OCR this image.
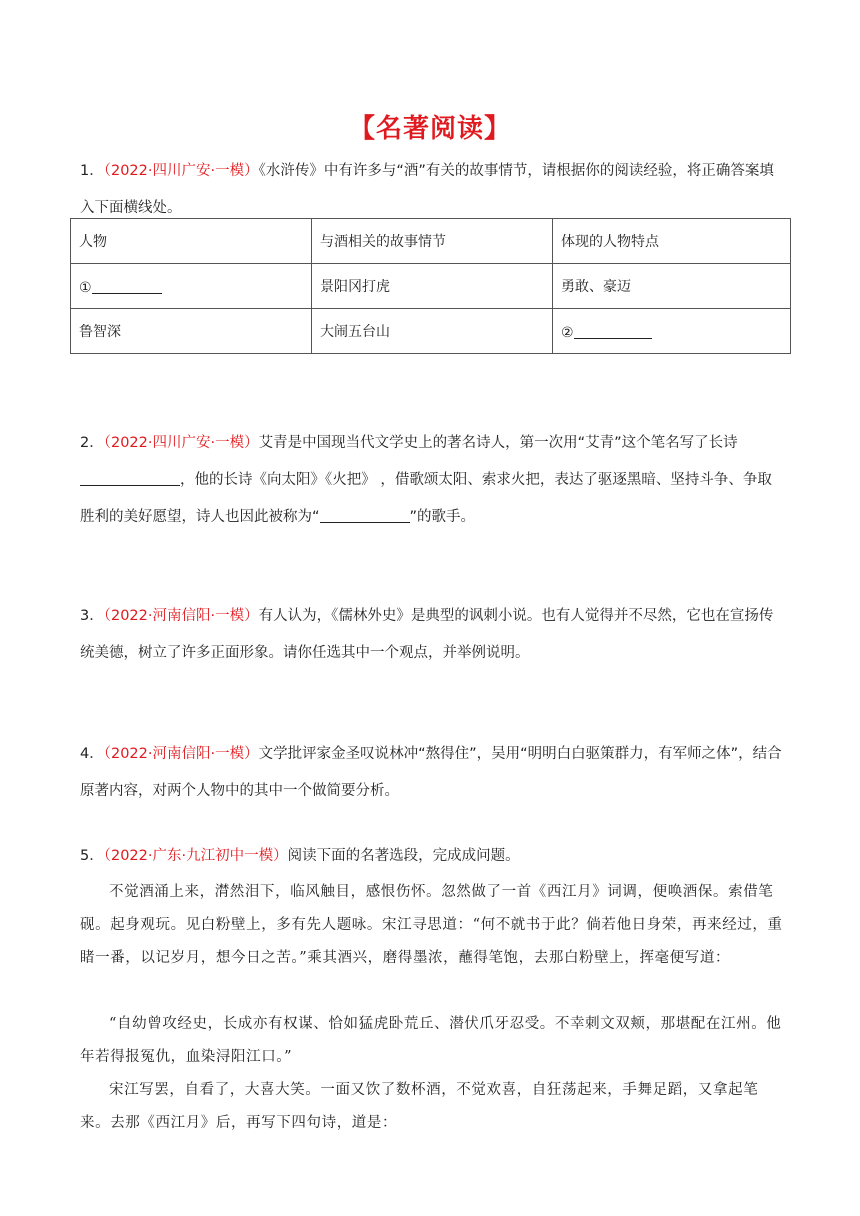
【名著阅读】
1．（2022·四川广安·一模）《水浒传》中有许多与“酒”有关的故事情节，请根据你的阅读经验，将正确答案填入下面横线处。
人物	与酒相关的故事情节	体现的人物特点
①	景阳冈打虎	勇敢、豪迈
鲁智深	大闹五台山	②
2．（2022·四川广安·一模）艾青是中国现当代文学史上的著名诗人，第一次用“艾青”这个笔名写了长诗
，他的长诗《向太阳》《火把》 ，借歌颂太阳、索求火把，表达了驱逐黑暗、坚持斗争、争取胜利的美好愿望，诗人也因此被称为“	”的歌手。
3．（2022·河南信阳·一模）有人认为，《儒林外史》是典型的讽刺小说。也有人觉得并不尽然，它也在宣扬传统美德，树立了许多正面形象。请你任选其中一个观点，并举例说明。
4．（2022·河南信阳·一模）文学批评家金圣叹说林冲“熬得住”，吴用“明明白白驱策群力，有军师之体”，结合原著内容，对两个人物中的其中一个做简要分析。
5．（2022·广东·九江初中一模）阅读下面的名著选段，完成成问题。
不觉酒涌上来，潸然泪下，临风触目，感恨伤怀。忽然做了一首《西江月》词调，便唤酒保。索借笔砚。起身观玩。见白粉壁上，多有先人题咏。宋江寻思道：“何不就书于此？倘若他日身荣，再来经过，重睹一番，以记岁月，想今日之苦。”乘其酒兴，磨得墨浓，蘸得笔饱，去那白粉壁上，挥毫便写道：
“自幼曾攻经史，长成亦有权谋、恰如猛虎卧荒丘、潜伏爪牙忍受。不幸刺文双颊，那堪配在江州。他年若得报冤仇，血染浔阳江口。”
宋江写罢，自看了，大喜大笑。一面又饮了数杯酒，不觉欢喜，自狂荡起来，手舞足蹈，又拿起笔来。去那《西江月》后，再写下四句诗，道是：
